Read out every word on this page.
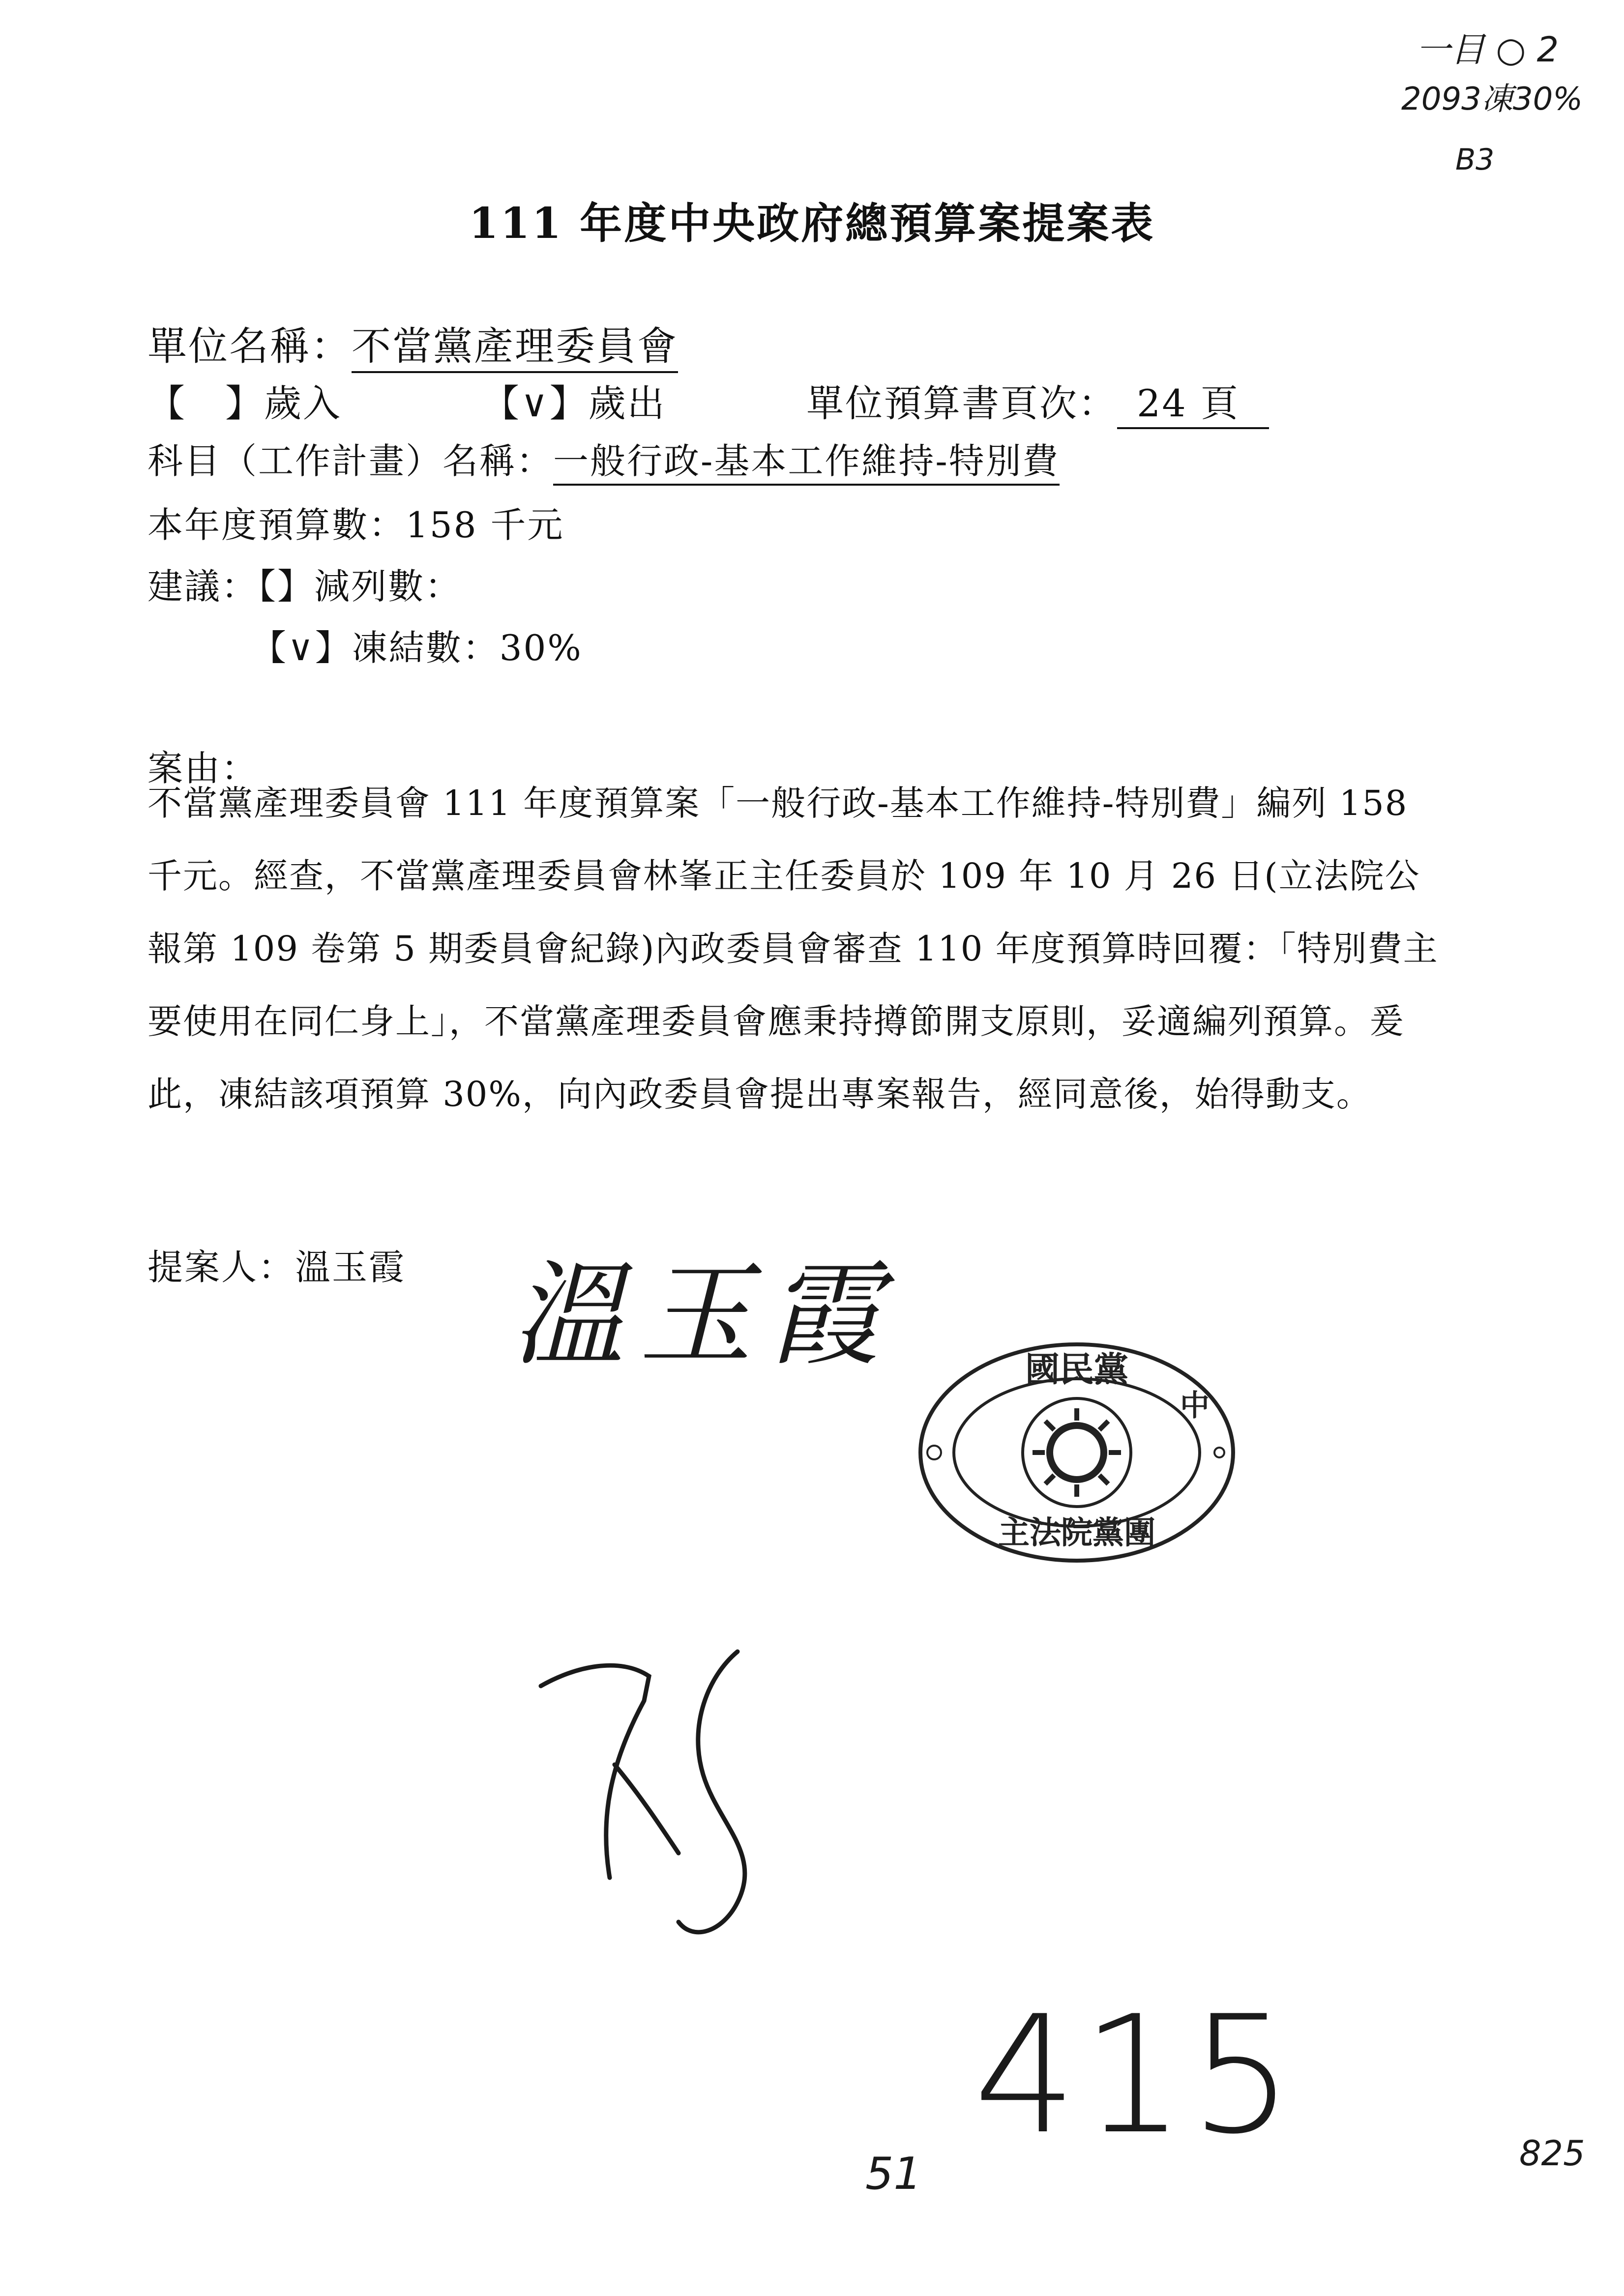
一目 ○ 2
2093凍30%
B3
111 年度中央政府總預算案提案表
單位名稱：不當黨產理委員會
【　】歲入	【∨】歲出	單位預算書頁次： 24 頁
科目（工作計畫）名稱：一般行政-基本工作維持-特別費
本年度預算數：158 千元
建議：【】減列數：
【∨】凍結數：30%
案由：
不當黨產理委員會 111 年度預算案「一般行政-基本工作維持-特別費」編列 158
千元。經查，不當黨產理委員會林峯正主任委員於 109 年 10 月 26 日(立法院公
報第 109 卷第 5 期委員會紀錄)內政委員會審查 110 年度預算時回覆：「特別費主
要使用在同仁身上」，不當黨產理委員會應秉持撙節開支原則，妥適編列預算。爰
此，凍結該項預算 30%，向內政委員會提出專案報告，經同意後，始得動支。
提案人：溫玉霞 溫玉霞	國民黨
中
主法院黨團
415
51	825
